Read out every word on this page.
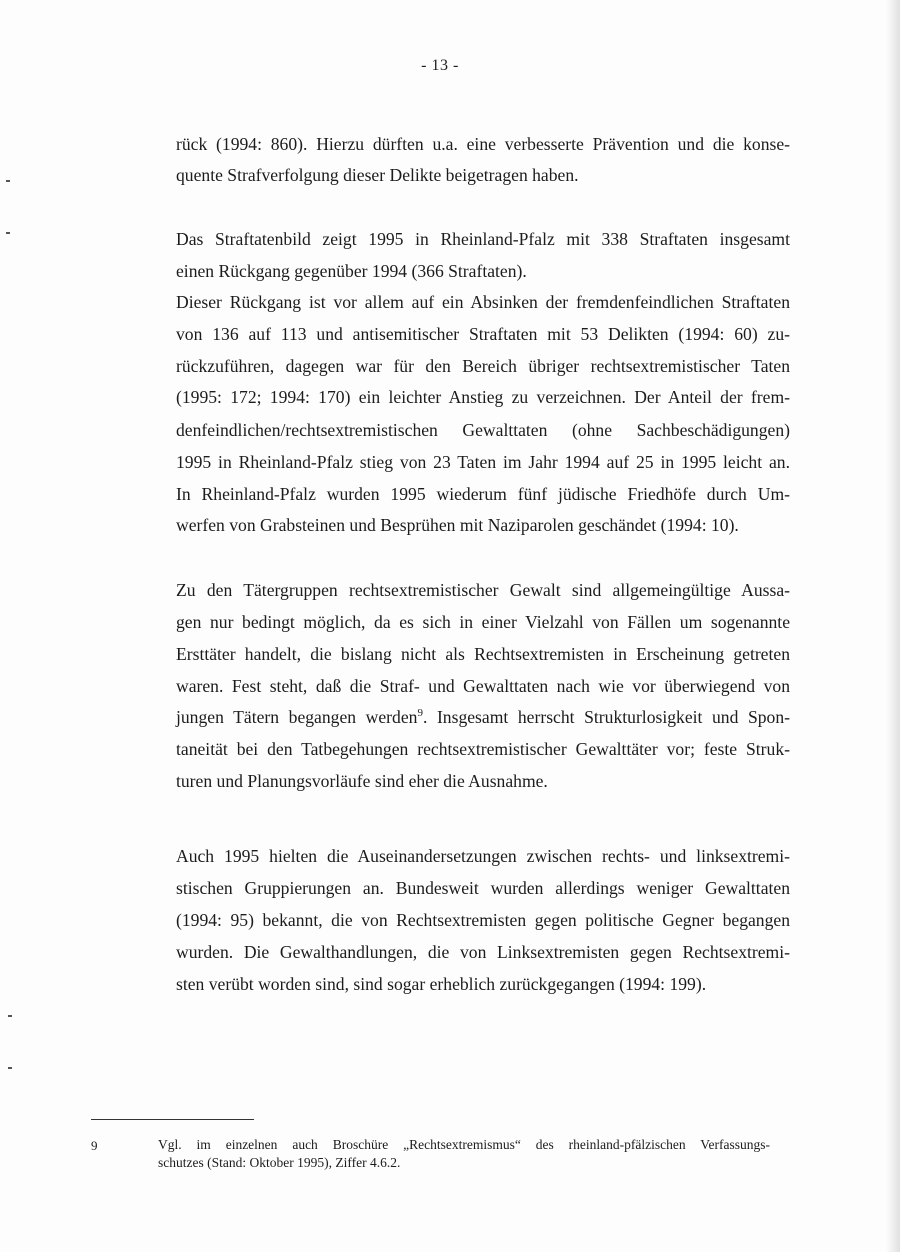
- 13 -
rück (1994: 860). Hierzu dürften u.a. eine verbesserte Prävention und die konse-
quente Strafverfolgung dieser Delikte beigetragen haben.
Das Straftatenbild zeigt 1995 in Rheinland-Pfalz mit 338 Straftaten insgesamt
einen Rückgang gegenüber 1994 (366 Straftaten).
Dieser Rückgang ist vor allem auf ein Absinken der fremdenfeindlichen Straftaten
von 136 auf 113 und antisemitischer Straftaten mit 53 Delikten (1994: 60) zu-
rückzuführen, dagegen war für den Bereich übriger rechtsextremistischer Taten
(1995: 172; 1994: 170) ein leichter Anstieg zu verzeichnen. Der Anteil der frem-
denfeindlichen/rechtsextremistischen Gewalttaten (ohne Sachbeschädigungen)
1995 in Rheinland-Pfalz stieg von 23 Taten im Jahr 1994 auf 25 in 1995 leicht an.
In Rheinland-Pfalz wurden 1995 wiederum fünf jüdische Friedhöfe durch Um-
werfen von Grabsteinen und Besprühen mit Naziparolen geschändet (1994: 10).
Zu den Tätergruppen rechtsextremistischer Gewalt sind allgemeingültige Aussa-
gen nur bedingt möglich, da es sich in einer Vielzahl von Fällen um sogenannte
Ersttäter handelt, die bislang nicht als Rechtsextremisten in Erscheinung getreten
waren. Fest steht, daß die Straf- und Gewalttaten nach wie vor überwiegend von
jungen Tätern begangen werden$^9$. Insgesamt herrscht Strukturlosigkeit und Spon-
taneität bei den Tatbegehungen rechtsextremistischer Gewalttäter vor; feste Struk-
turen und Planungsvorläufe sind eher die Ausnahme.
Auch 1995 hielten die Auseinandersetzungen zwischen rechts- und linksextremi-
stischen Gruppierungen an. Bundesweit wurden allerdings weniger Gewalttaten
(1994: 95) bekannt, die von Rechtsextremisten gegen politische Gegner begangen
wurden. Die Gewalthandlungen, die von Linksextremisten gegen Rechtsextremi-
sten verübt worden sind, sind sogar erheblich zurückgegangen (1994: 199).
9	Vgl. im einzelnen auch Broschüre „Rechtsextremismus“ des rheinland-pfälzischen Verfassungs-
schutzes (Stand: Oktober 1995), Ziffer 4.6.2.
